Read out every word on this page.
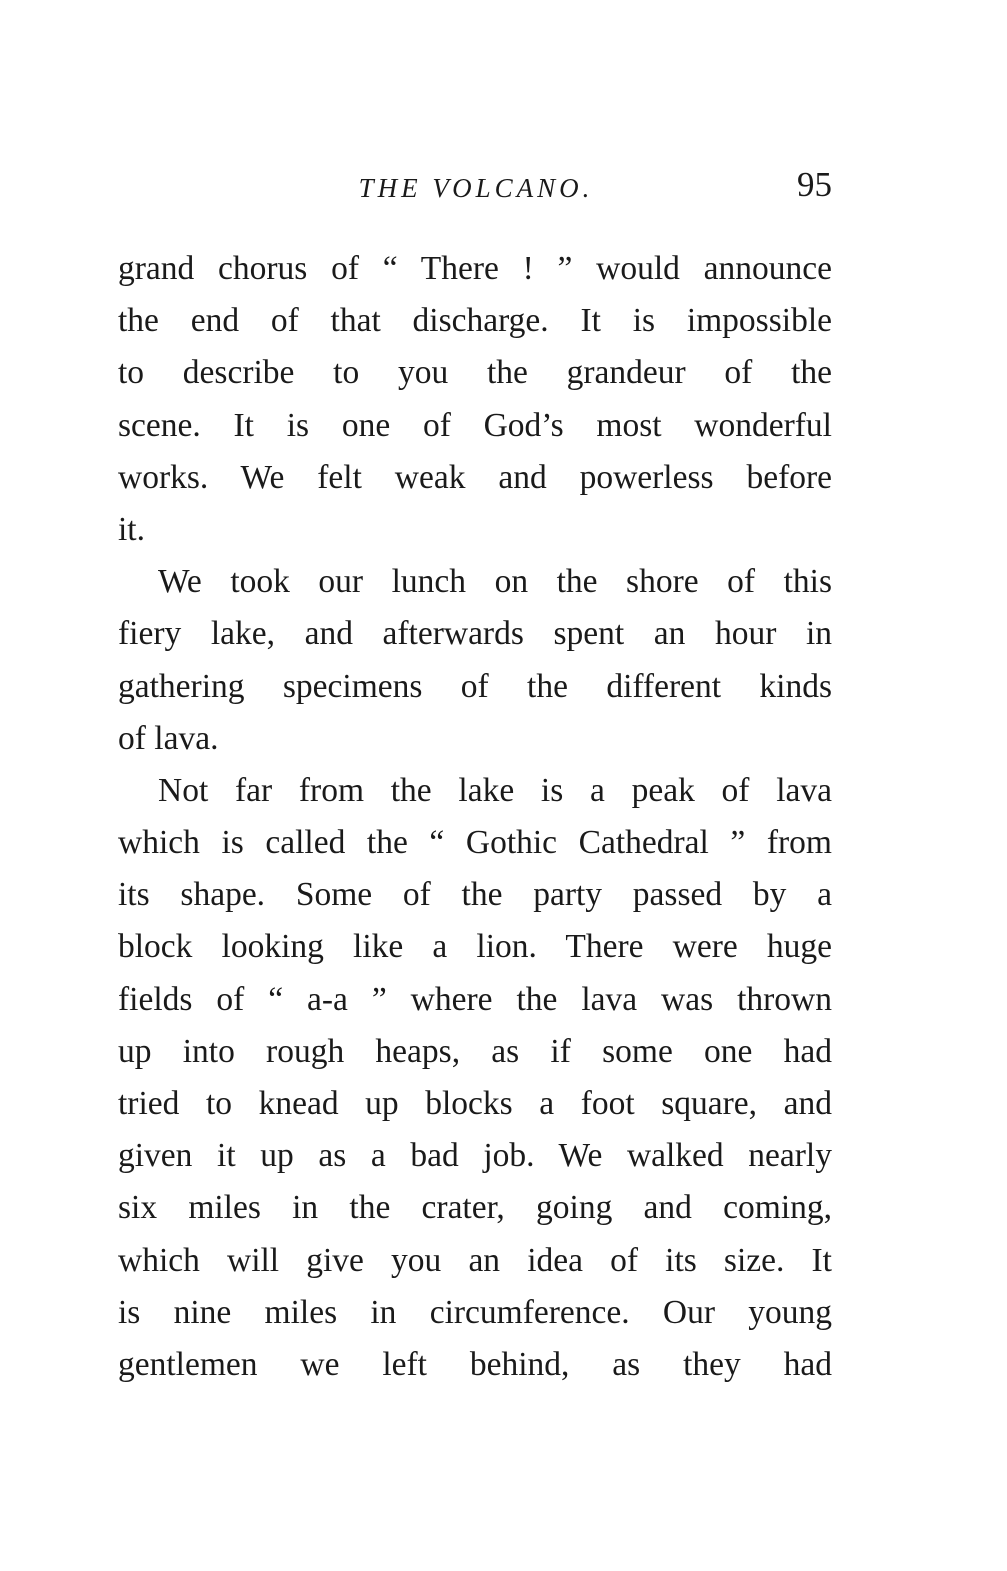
THE VOLCANO.	95
grand chorus of “ There ! ” would announce
the end of that discharge. It is impossible
to describe to you the grandeur of the
scene. It is one of God’s most wonderful
works. We felt weak and powerless before
it.
We took our lunch on the shore of this
fiery lake, and afterwards spent an hour in
gathering specimens of the different kinds
of lava.
Not far from the lake is a peak of lava
which is called the “ Gothic Cathedral ” from
its shape. Some of the party passed by a
block looking like a lion. There were huge
fields of “ a-a ” where the lava was thrown
up into rough heaps, as if some one had
tried to knead up blocks a foot square, and
given it up as a bad job. We walked nearly
six miles in the crater, going and coming,
which will give you an idea of its size. It
is nine miles in circumference. Our young
gentlemen we left behind, as they had
